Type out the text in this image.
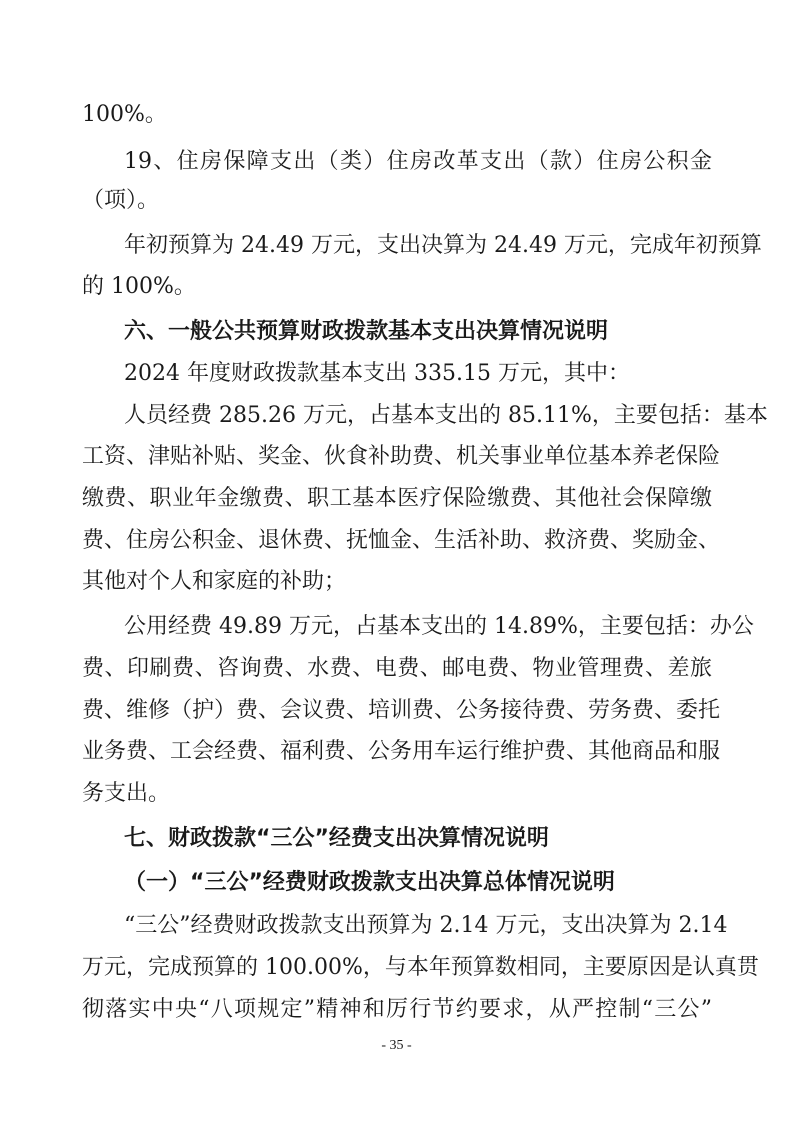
100%。
19、住房保障支出（类）住房改革支出（款）住房公积金
（项）。
年初预算为 24.49 万元，支出决算为 24.49 万元，完成年初预算
的 100%。
六、一般公共预算财政拨款基本支出决算情况说明
2024 年度财政拨款基本支出 335.15 万元，其中：
人员经费 285.26 万元，占基本支出的 85.11%，主要包括：基本
工资、津贴补贴、奖金、伙食补助费、机关事业单位基本养老保险
缴费、职业年金缴费、职工基本医疗保险缴费、其他社会保障缴
费、住房公积金、退休费、抚恤金、生活补助、救济费、奖励金、
其他对个人和家庭的补助；
公用经费 49.89 万元，占基本支出的 14.89%，主要包括：办公
费、印刷费、咨询费、水费、电费、邮电费、物业管理费、差旅
费、维修（护）费、会议费、培训费、公务接待费、劳务费、委托
业务费、工会经费、福利费、公务用车运行维护费、其他商品和服
务支出。
七、财政拨款“三公”经费支出决算情况说明
（一）“三公”经费财政拨款支出决算总体情况说明
“三公”经费财政拨款支出预算为 2.14 万元，支出决算为 2.14
万元，完成预算的 100.00%，与本年预算数相同，主要原因是认真贯
彻落实中央“八项规定”精神和厉行节约要求，从严控制“三公”
- 35 -
